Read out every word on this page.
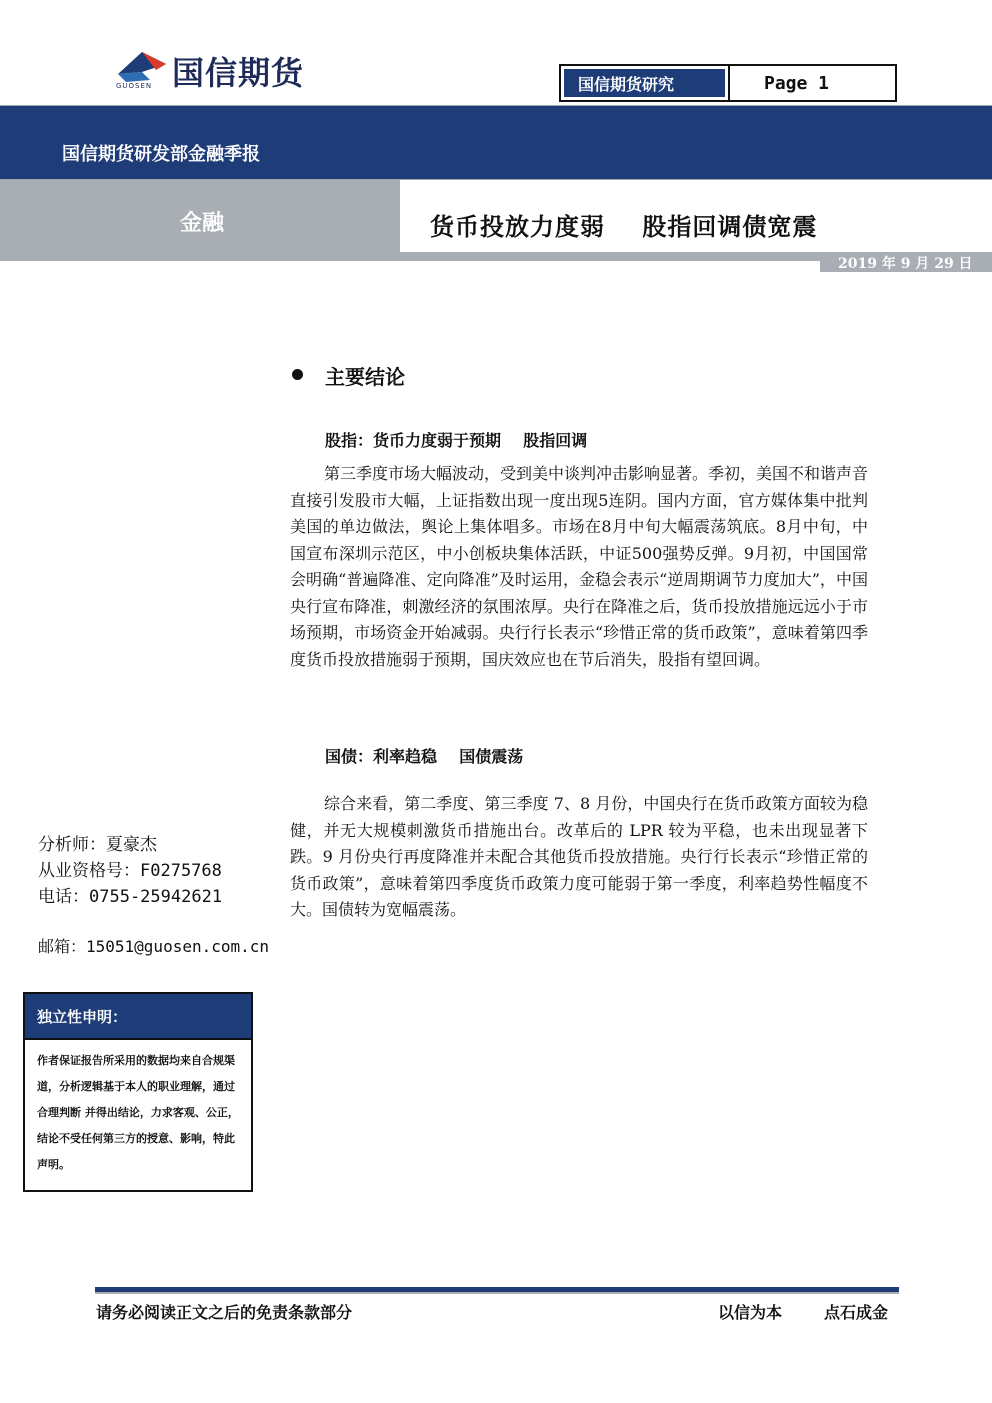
国信期货
GUOSEN	国信期货研究	Page 1
国信期货研发部金融季报
金融	货币投放力度弱    股指回调债宽震
2019 年 9 月 29 日
主要结论
股指：货币力度弱于预期    股指回调
第三季度市场大幅波动，受到美中谈判冲击影响显著。季初，美国不和谐声音直接引发股市大幅，上证指数出现一度出现5连阴。国内方面，官方媒体集中批判美国的单边做法，舆论上集体唱多。市场在8月中旬大幅震荡筑底。8月中旬，中国宣布深圳示范区，中小创板块集体活跃，中证500强势反弹。9月初，中国国常会明确“普遍降准、定向降准”及时运用，金稳会表示“逆周期调节力度加大”，中国央行宣布降准，刺激经济的氛围浓厚。央行在降准之后，货币投放措施远远小于市场预期，市场资金开始减弱。央行行长表示“珍惜正常的货币政策”，意味着第四季度货币投放措施弱于预期，国庆效应也在节后消失，股指有望回调。
国债：利率趋稳    国债震荡
综合来看，第二季度、第三季度 7、8 月份，中国央行在货币政策方面较为稳健，并无大规模刺激货币措施出台。改革后的 LPR 较为平稳，也未出现显著下跌。9 月份央行再度降准并未配合其他货币投放措施。央行行长表示“珍惜正常的货币政策”，意味着第四季度货币政策力度可能弱于第一季度，利率趋势性幅度不大。国债转为宽幅震荡。
分析师：夏豪杰
从业资格号：F0275768
电话：0755-25942621
邮箱：15051@guosen.com.cn
独立性申明：
作者保证报告所采用的数据均来自合规渠道，分析逻辑基于本人的职业理解，通过合理判断 并得出结论，力求客观、公正，结论不受任何第三方的授意、影响，特此声明。
请务必阅读正文之后的免责条款部分	以信为本	点石成金
